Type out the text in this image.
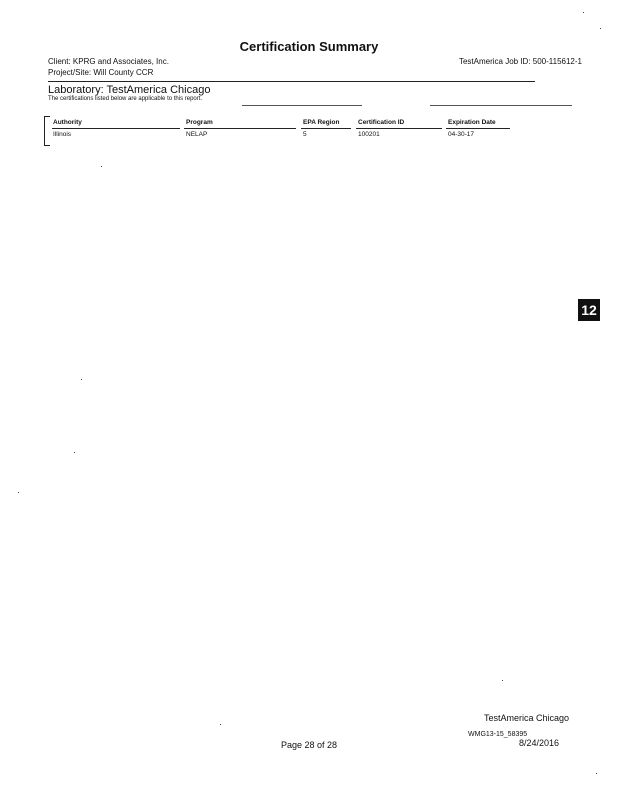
Certification Summary
Client: KPRG and Associates, Inc.
Project/Site: Will County CCR
TestAmerica Job ID: 500-115612-1
Laboratory: TestAmerica Chicago
The certifications listed below are applicable to this report.
Authority	Program	EPA Region	Certification ID	Expiration Date
Illinois	NELAP	5	100201	04-30-17
12
TestAmerica Chicago
WMG13-15_58395
8/24/2016
Page 28 of 28
